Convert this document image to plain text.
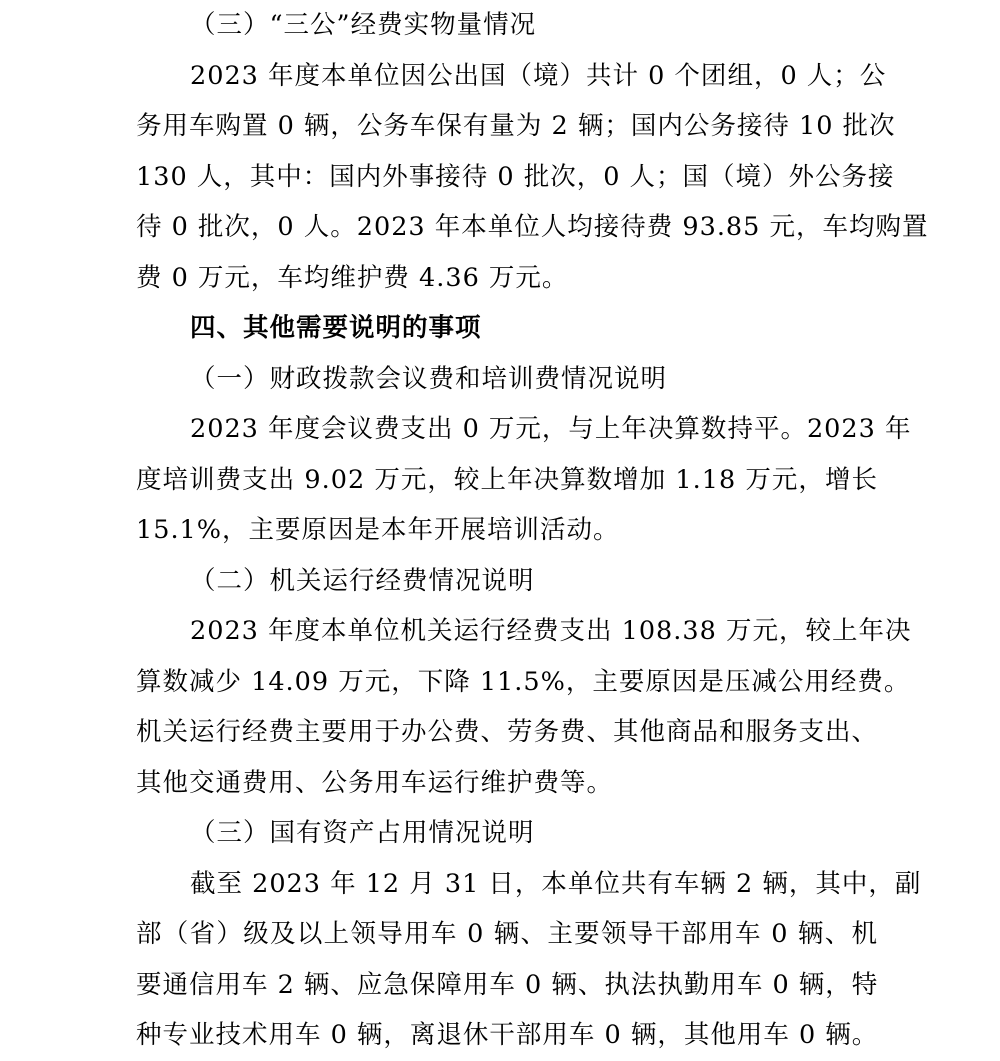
（三）“三公”经费实物量情况
2023 年度本单位因公出国（境）共计 0 个团组，0 人；公
务用车购置 0 辆，公务车保有量为 2 辆；国内公务接待 10 批次
130 人，其中：国内外事接待 0 批次，0 人；国（境）外公务接
待 0 批次，0 人。2023 年本单位人均接待费 93.85 元，车均购置
费 0 万元，车均维护费 4.36 万元。
四、其他需要说明的事项
（一）财政拨款会议费和培训费情况说明
2023 年度会议费支出 0 万元，与上年决算数持平。2023 年
度培训费支出 9.02 万元，较上年决算数增加 1.18 万元，增长
15.1%，主要原因是本年开展培训活动。
（二）机关运行经费情况说明
2023 年度本单位机关运行经费支出 108.38 万元，较上年决
算数减少 14.09 万元，下降 11.5%，主要原因是压减公用经费。
机关运行经费主要用于办公费、劳务费、其他商品和服务支出、
其他交通费用、公务用车运行维护费等。
（三）国有资产占用情况说明
截至 2023 年 12 月 31 日，本单位共有车辆 2 辆，其中，副
部（省）级及以上领导用车 0 辆、主要领导干部用车 0 辆、机
要通信用车 2 辆、应急保障用车 0 辆、执法执勤用车 0 辆，特
种专业技术用车 0 辆，离退休干部用车 0 辆，其他用车 0 辆。
